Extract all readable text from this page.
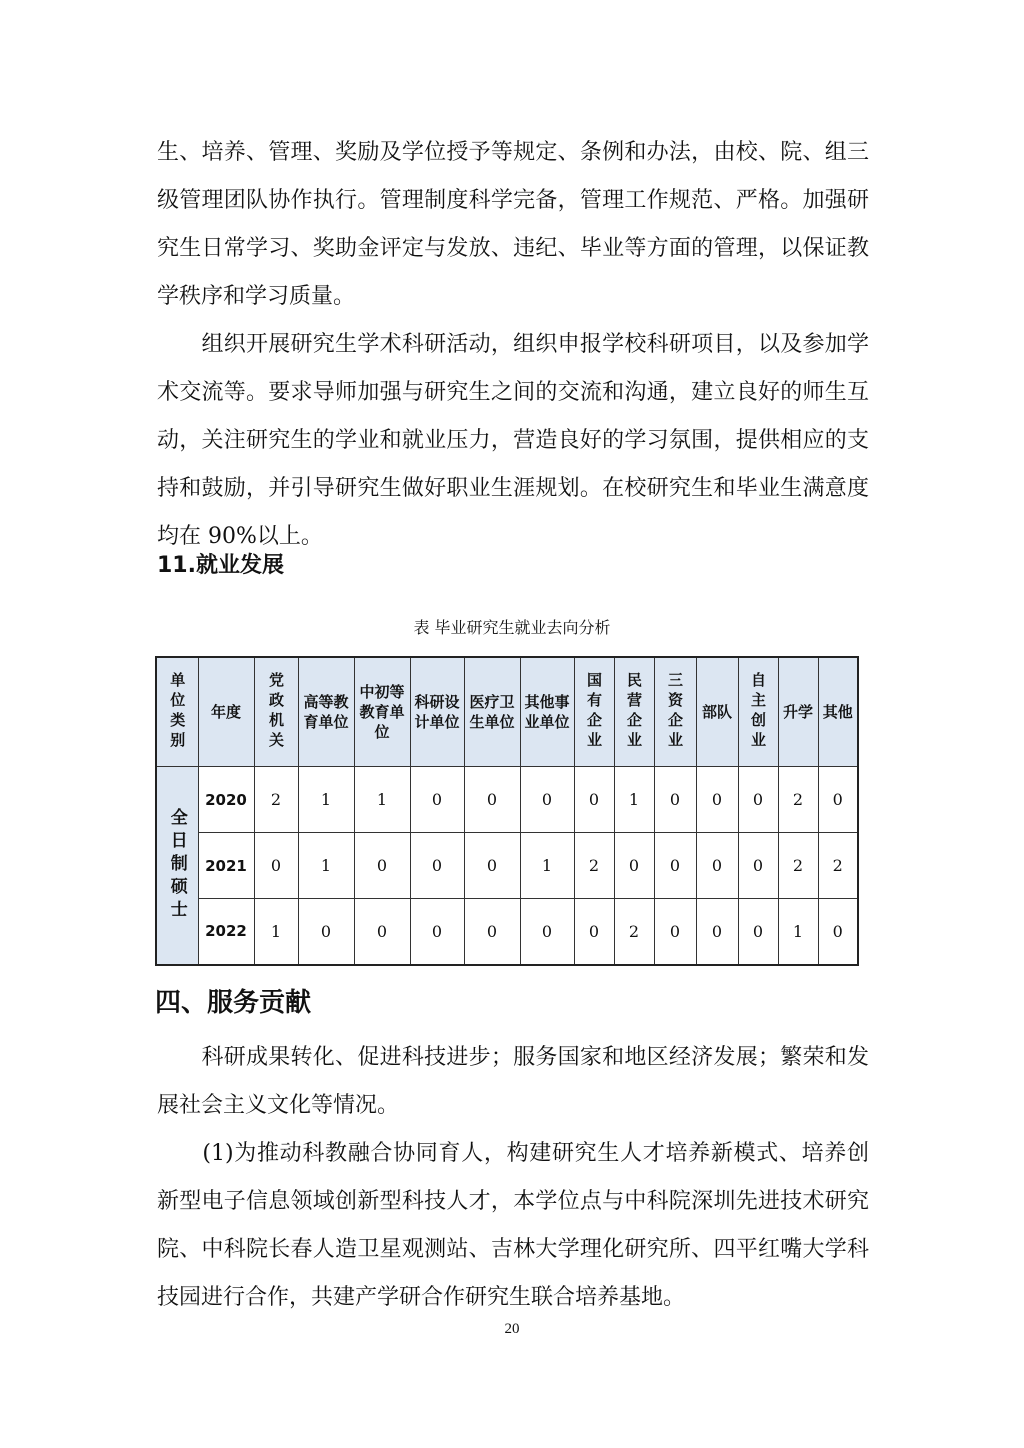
生、培养、管理、奖励及学位授予等规定、条例和办法，由校、院、组三级管理团队协作执行。管理制度科学完备，管理工作规范、严格。加强研究生日常学习、奖助金评定与发放、违纪、毕业等方面的管理，以保证教学秩序和学习质量。

　　组织开展研究生学术科研活动，组织申报学校科研项目，以及参加学术交流等。要求导师加强与研究生之间的交流和沟通，建立良好的师生互动，关注研究生的学业和就业压力，营造良好的学习氛围，提供相应的支持和鼓励，并引导研究生做好职业生涯规划。在校研究生和毕业生满意度均在 90%以上。

11.就业发展
表 毕业研究生就业去向分析
单位类别	年度	党政机关	高等教育单位	中初等教育单位	科研设计单位	医疗卫生单位	其他事业单位	国有企业	民营企业	三资企业	部队	自主创业	升学	其他
全日制硕士	2020	2	1	1	0	0	0	0	1	0	0	0	2	0
	2021	0	1	0	0	0	1	2	0	0	0	0	2	2
	2022	1	0	0	0	0	0	0	2	0	0	0	1	0
四、服务贡献

　　科研成果转化、促进科技进步；服务国家和地区经济发展；繁荣和发展社会主义文化等情况。

　　(1)为推动科教融合协同育人，构建研究生人才培养新模式、培养创新型电子信息领域创新型科技人才，本学位点与中科院深圳先进技术研究院、中科院长春人造卫星观测站、吉林大学理化研究所、四平红嘴大学科技园进行合作，共建产学研合作研究生联合培养基地。

20
